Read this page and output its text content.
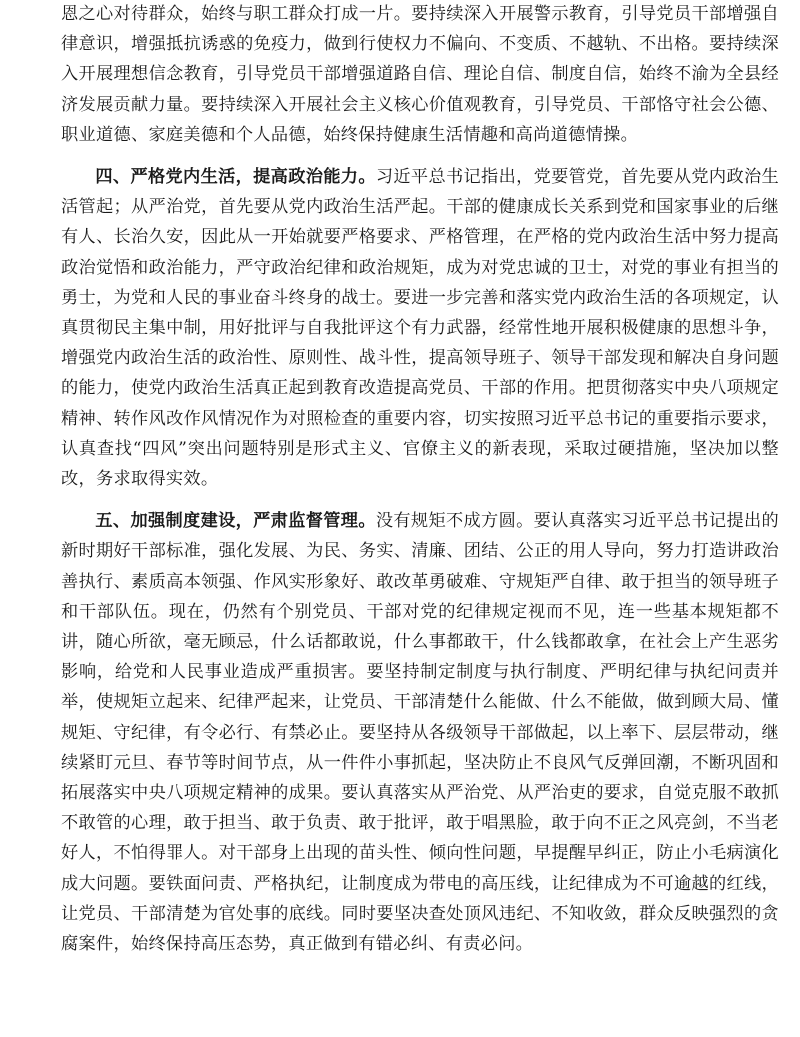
恩之心对待群众，始终与职工群众打成一片。要持续深入开展警示教育，引导党员干部增强自律意识，增强抵抗诱惑的免疫力，做到行使权力不偏向、不变质、不越轨、不出格。要持续深入开展理想信念教育，引导党员干部增强道路自信、理论自信、制度自信，始终不渝为全县经济发展贡献力量。要持续深入开展社会主义核心价值观教育，引导党员、干部恪守社会公德、职业道德、家庭美德和个人品德，始终保持健康生活情趣和高尚道德情操。

四、严格党内生活，提高政治能力。习近平总书记指出，党要管党，首先要从党内政治生活管起；从严治党，首先要从党内政治生活严起。干部的健康成长关系到党和国家事业的后继有人、长治久安，因此从一开始就要严格要求、严格管理，在严格的党内政治生活中努力提高政治觉悟和政治能力，严守政治纪律和政治规矩，成为对党忠诚的卫士，对党的事业有担当的勇士，为党和人民的事业奋斗终身的战士。要进一步完善和落实党内政治生活的各项规定，认真贯彻民主集中制，用好批评与自我批评这个有力武器，经常性地开展积极健康的思想斗争，增强党内政治生活的政治性、原则性、战斗性，提高领导班子、领导干部发现和解决自身问题的能力，使党内政治生活真正起到教育改造提高党员、干部的作用。把贯彻落实中央八项规定精神、转作风改作风情况作为对照检查的重要内容，切实按照习近平总书记的重要指示要求，认真查找“四风”突出问题特别是形式主义、官僚主义的新表现，采取过硬措施，坚决加以整改，务求取得实效。

五、加强制度建设，严肃监督管理。没有规矩不成方圆。要认真落实习近平总书记提出的新时期好干部标准，强化发展、为民、务实、清廉、团结、公正的用人导向，努力打造讲政治善执行、素质高本领强、作风实形象好、敢改革勇破难、守规矩严自律、敢于担当的领导班子和干部队伍。现在，仍然有个别党员、干部对党的纪律规定视而不见，连一些基本规矩都不讲，随心所欲，毫无顾忌，什么话都敢说，什么事都敢干，什么钱都敢拿，在社会上产生恶劣影响，给党和人民事业造成严重损害。要坚持制定制度与执行制度、严明纪律与执纪问责并举，使规矩立起来、纪律严起来，让党员、干部清楚什么能做、什么不能做，做到顾大局、懂规矩、守纪律，有令必行、有禁必止。要坚持从各级领导干部做起，以上率下、层层带动，继续紧盯元旦、春节等时间节点，从一件件小事抓起，坚决防止不良风气反弹回潮，不断巩固和拓展落实中央八项规定精神的成果。要认真落实从严治党、从严治吏的要求，自觉克服不敢抓不敢管的心理，敢于担当、敢于负责、敢于批评，敢于唱黑脸，敢于向不正之风亮剑，不当老好人，不怕得罪人。对干部身上出现的苗头性、倾向性问题，早提醒早纠正，防止小毛病演化成大问题。要铁面问责、严格执纪，让制度成为带电的高压线，让纪律成为不可逾越的红线，让党员、干部清楚为官处事的底线。同时要坚决查处顶风违纪、不知收敛，群众反映强烈的贪腐案件，始终保持高压态势，真正做到有错必纠、有责必问。
